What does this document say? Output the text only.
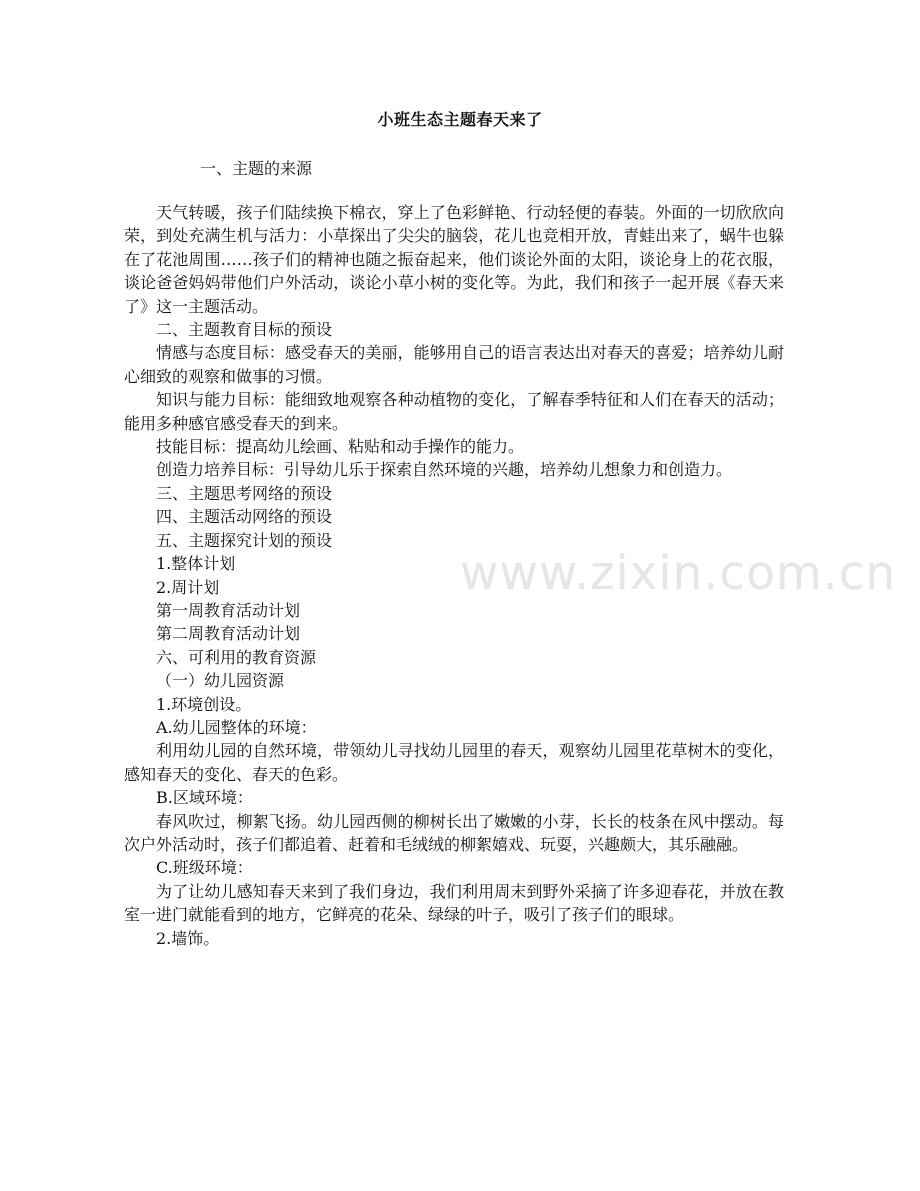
小班生态主题春天来了
一、主题的来源

天气转暖，孩子们陆续换下棉衣，穿上了色彩鲜艳、行动轻便的春装。外面的一切欣欣向荣，到处充满生机与活力：小草探出了尖尖的脑袋，花儿也竞相开放，青蛙出来了，蜗牛也躲在了花池周围……孩子们的精神也随之振奋起来，他们谈论外面的太阳，谈论身上的花衣服，谈论爸爸妈妈带他们户外活动，谈论小草小树的变化等。为此，我们和孩子一起开展《春天来了》这一主题活动。

二、主题教育目标的预设

情感与态度目标：感受春天的美丽，能够用自己的语言表达出对春天的喜爱；培养幼儿耐心细致的观察和做事的习惯。

知识与能力目标：能细致地观察各种动植物的变化，了解春季特征和人们在春天的活动；能用多种感官感受春天的到来。

技能目标：提高幼儿绘画、粘贴和动手操作的能力。

创造力培养目标：引导幼儿乐于探索自然环境的兴趣，培养幼儿想象力和创造力。

三、主题思考网络的预设

四、主题活动网络的预设

五、主题探究计划的预设

1.整体计划

2.周计划

第一周教育活动计划

第二周教育活动计划

六、可利用的教育资源

（一）幼儿园资源

1.环境创设。

A.幼儿园整体的环境：

利用幼儿园的自然环境，带领幼儿寻找幼儿园里的春天，观察幼儿园里花草树木的变化，感知春天的变化、春天的色彩。

B.区域环境：

春风吹过，柳絮飞扬。幼儿园西侧的柳树长出了嫩嫩的小芽，长长的枝条在风中摆动。每次户外活动时，孩子们都追着、赶着和毛绒绒的柳絮嬉戏、玩耍，兴趣颇大，其乐融融。

C.班级环境：

为了让幼儿感知春天来到了我们身边，我们利用周末到野外采摘了许多迎春花，并放在教室一进门就能看到的地方，它鲜亮的花朵、绿绿的叶子，吸引了孩子们的眼球。

2.墙饰。

www.zixin.com.cn
